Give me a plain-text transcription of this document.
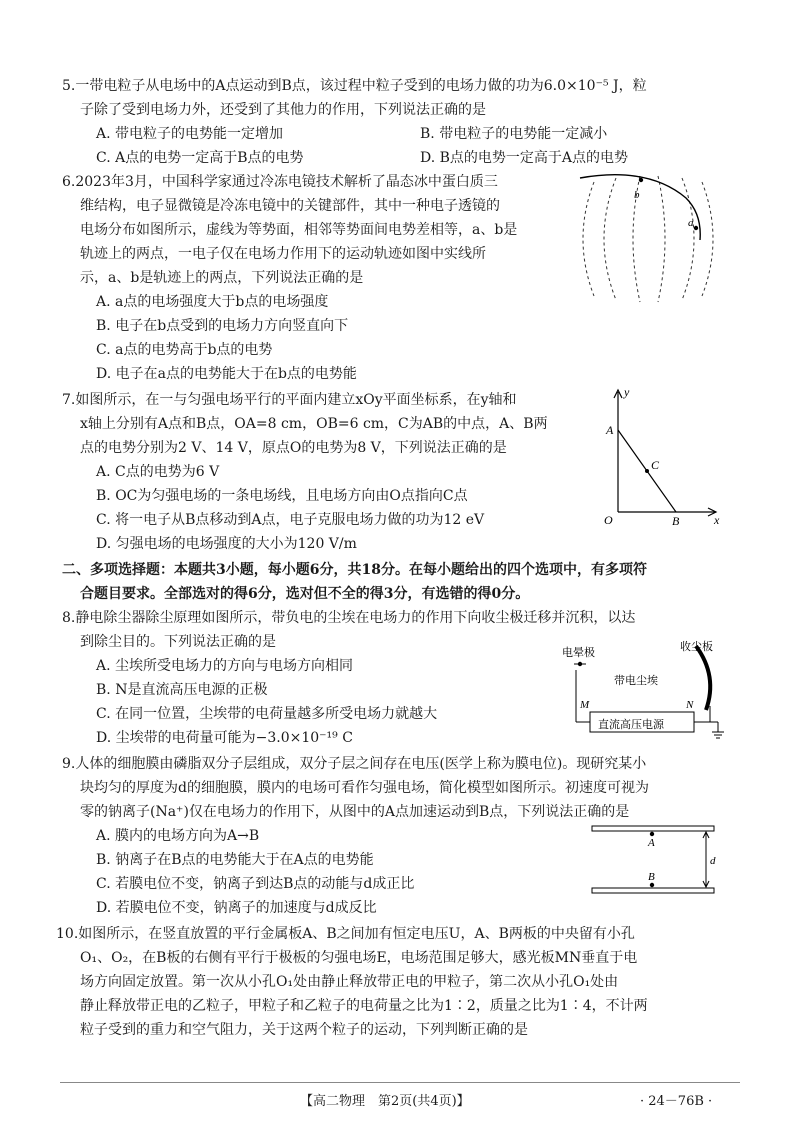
5.一带电粒子从电场中的A点运动到B点，该过程中粒子受到的电场力做的功为6.0×10⁻⁵ J，粒
子除了受到电场力外，还受到了其他力的作用，下列说法正确的是
A. 带电粒子的电势能一定增加	B. 带电粒子的电势能一定减小
C. A点的电势一定高于B点的电势	D. B点的电势一定高于A点的电势
6.2023年3月，中国科学家通过冷冻电镜技术解析了晶态冰中蛋白质三
维结构，电子显微镜是冷冻电镜中的关键部件，其中一种电子透镜的
电场分布如图所示，虚线为等势面，相邻等势面间电势差相等，a、b是
轨迹上的两点，一电子仅在电场力作用下的运动轨迹如图中实线所
示，a、b是轨迹上的两点，下列说法正确的是
A. a点的电场强度大于b点的电场强度
B. 电子在b点受到的电场力方向竖直向下
C. a点的电势高于b点的电势
D. 电子在a点的电势能大于在b点的电势能
b
a
7.如图所示，在一与匀强电场平行的平面内建立xOy平面坐标系，在y轴和
x轴上分别有A点和B点，OA=8 cm，OB=6 cm，C为AB的中点，A、B两
点的电势分别为2 V、14 V，原点O的电势为8 V，下列说法正确的是
A. C点的电势为6 V
B. OC为匀强电场的一条电场线，且电场方向由O点指向C点
C. 将一电子从B点移动到A点，电子克服电场力做的功为12 eV
D. 匀强电场的电场强度的大小为120 V/m
y
x
A
B
C
O
二、多项选择题：本题共3小题，每小题6分，共18分。在每小题给出的四个选项中，有多项符
合题目要求。全部选对的得6分，选对但不全的得3分，有选错的得0分。
8.静电除尘器除尘原理如图所示，带负电的尘埃在电场力的作用下向收尘极迁移并沉积，以达
到除尘目的。下列说法正确的是
A. 尘埃所受电场力的方向与电场方向相同
B. N是直流高压电源的正极
C. 在同一位置，尘埃带的电荷量越多所受电场力就越大
D. 尘埃带的电荷量可能为−3.0×10⁻¹⁹ C
收尘板
电晕极
带电尘埃
直流高压电源
M	N
9.人体的细胞膜由磷脂双分子层组成，双分子层之间存在电压(医学上称为膜电位)。现研究某小
块均匀的厚度为d的细胞膜，膜内的电场可看作匀强电场，简化模型如图所示。初速度可视为
零的钠离子(Na⁺)仅在电场力的作用下，从图中的A点加速运动到B点，下列说法正确的是
A. 膜内的电场方向为A→B
B. 钠离子在B点的电势能大于在A点的电势能
C. 若膜电位不变，钠离子到达B点的动能与d成正比
D. 若膜电位不变，钠离子的加速度与d成反比
A
B
d
10.如图所示，在竖直放置的平行金属板A、B之间加有恒定电压U，A、B两板的中央留有小孔
O₁、O₂，在B板的右侧有平行于极板的匀强电场E，电场范围足够大，感光板MN垂直于电
场方向固定放置。第一次从小孔O₁处由静止释放带正电的甲粒子，第二次从小孔O₁处由
静止释放带正电的乙粒子，甲粒子和乙粒子的电荷量之比为1∶2，质量之比为1∶4，不计两
粒子受到的重力和空气阻力，关于这两个粒子的运动，下列判断正确的是
【高二物理　第2页(共4页)】	· 24－76B ·
